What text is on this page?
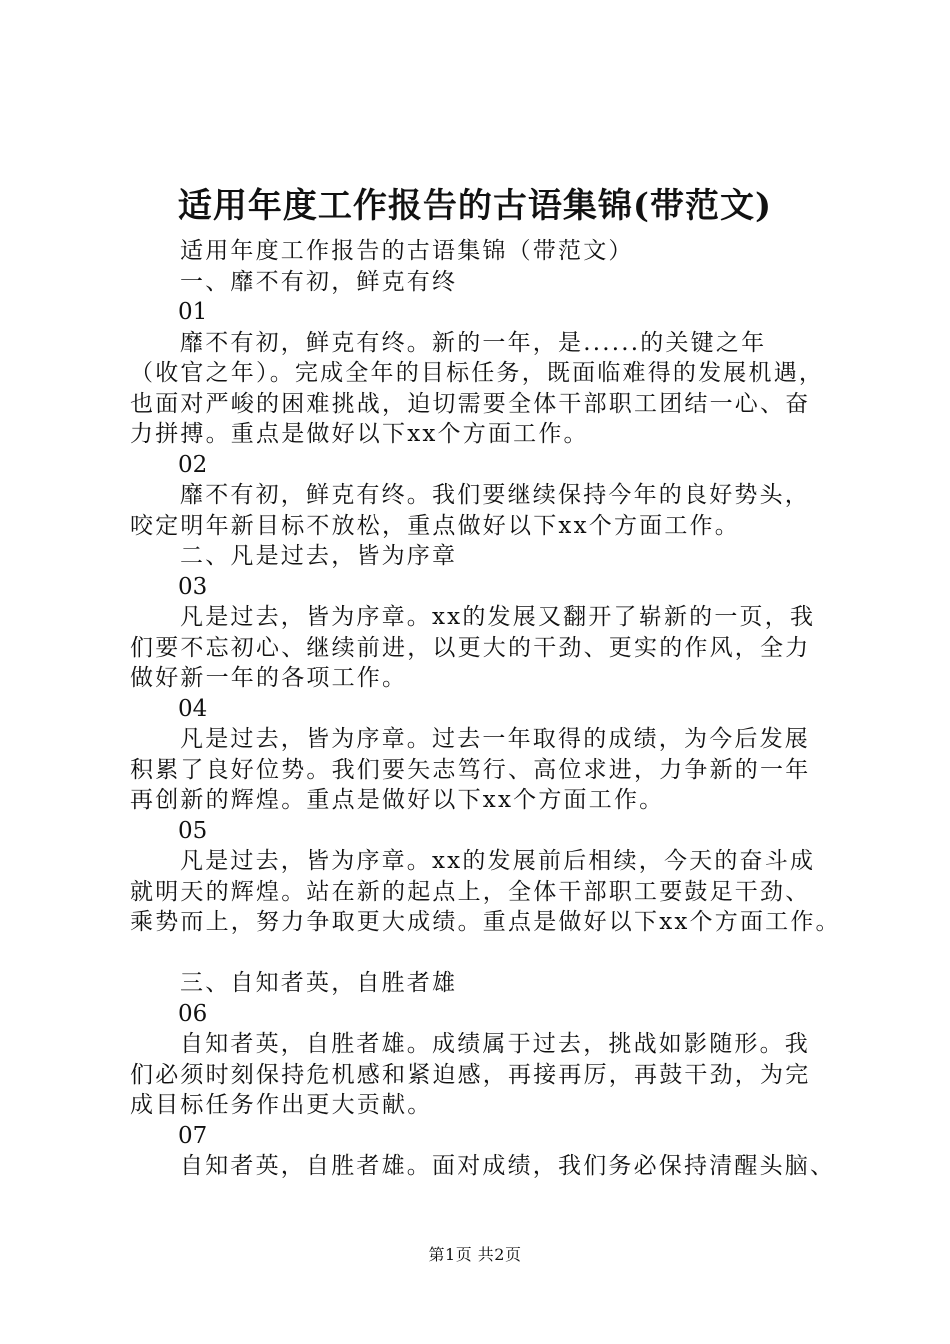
适用年度工作报告的古语集锦(带范文)
适用年度工作报告的古语集锦（带范文）
一、靡不有初，鲜克有终
01
靡不有初，鲜克有终。新的一年，是......的关键之年
（收官之年）。完成全年的目标任务，既面临难得的发展机遇，
也面对严峻的困难挑战，迫切需要全体干部职工团结一心、奋
力拼搏。重点是做好以下xx个方面工作。
02
靡不有初，鲜克有终。我们要继续保持今年的良好势头，
咬定明年新目标不放松，重点做好以下xx个方面工作。
二、凡是过去，皆为序章
03
凡是过去，皆为序章。xx的发展又翻开了崭新的一页，我
们要不忘初心、继续前进，以更大的干劲、更实的作风，全力
做好新一年的各项工作。
04
凡是过去，皆为序章。过去一年取得的成绩，为今后发展
积累了良好位势。我们要矢志笃行、高位求进，力争新的一年
再创新的辉煌。重点是做好以下xx个方面工作。
05
凡是过去，皆为序章。xx的发展前后相续，今天的奋斗成
就明天的辉煌。站在新的起点上，全体干部职工要鼓足干劲、
乘势而上，努力争取更大成绩。重点是做好以下xx个方面工作。
三、自知者英，自胜者雄
06
自知者英，自胜者雄。成绩属于过去，挑战如影随形。我
们必须时刻保持危机感和紧迫感，再接再厉，再鼓干劲，为完
成目标任务作出更大贡献。
07
自知者英，自胜者雄。面对成绩，我们务必保持清醒头脑、
第1页 共2页
